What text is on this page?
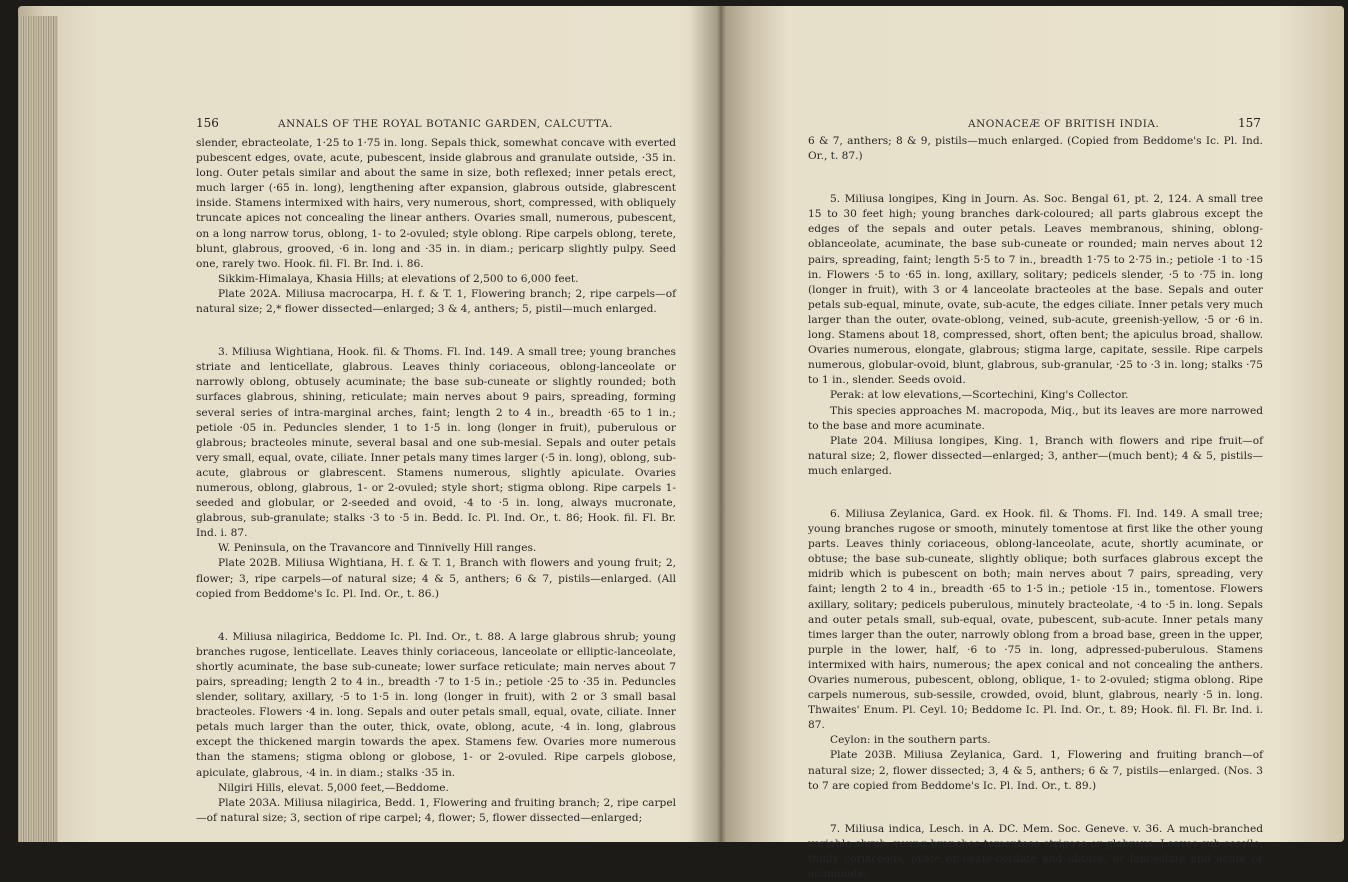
156	ANNALS OF THE ROYAL BOTANIC GARDEN, CALCUTTA.

slender, ebracteolate, 1·25 to 1·75 in. long. Sepals thick, somewhat concave with everted pubescent edges, ovate, acute, pubescent, inside glabrous and granulate outside, ·35 in. long. Outer petals similar and about the same in size, both reflexed; inner petals erect, much larger (·65 in. long), lengthening after expansion, glabrous outside, glabrescent inside. Stamens intermixed with hairs, very numerous, short, compressed, with obliquely truncate apices not concealing the linear anthers. Ovaries small, numerous, pubescent, on a long narrow torus, oblong, 1- to 2-ovuled; style oblong. Ripe carpels oblong, terete, blunt, glabrous, grooved, ·6 in. long and ·35 in. in diam.; pericarp slightly pulpy. Seed one, rarely two. Hook. fil. Fl. Br. Ind. i. 86.

Sikkim-Himalaya, Khasia Hills; at elevations of 2,500 to 6,000 feet.

Plate 202A. Miliusa macrocarpa, H. f. & T. 1, Flowering branch; 2, ripe carpels—of natural size; 2,* flower dissected—enlarged; 3 & 4, anthers; 5, pistil—much enlarged.

3. Miliusa Wightiana, Hook. fil. & Thoms. Fl. Ind. 149. A small tree; young branches striate and lenticellate, glabrous. Leaves thinly coriaceous, oblong-lanceolate or narrowly oblong, obtusely acuminate; the base sub-cuneate or slightly rounded; both surfaces glabrous, shining, reticulate; main nerves about 9 pairs, spreading, forming several series of intra-marginal arches, faint; length 2 to 4 in., breadth ·65 to 1 in.; petiole ·05 in. Peduncles slender, 1 to 1·5 in. long (longer in fruit), puberulous or glabrous; bracteoles minute, several basal and one sub-mesial. Sepals and outer petals very small, equal, ovate, ciliate. Inner petals many times larger (·5 in. long), oblong, sub-acute, glabrous or glabrescent. Stamens numerous, slightly apiculate. Ovaries numerous, oblong, glabrous, 1- or 2-ovuled; style short; stigma oblong. Ripe carpels 1-seeded and globular, or 2-seeded and ovoid, ·4 to ·5 in. long, always mucronate, glabrous, sub-granulate; stalks ·3 to ·5 in. Bedd. Ic. Pl. Ind. Or., t. 86; Hook. fil. Fl. Br. Ind. i. 87.

W. Peninsula, on the Travancore and Tinnivelly Hill ranges.

Plate 202B. Miliusa Wightiana, H. f. & T. 1, Branch with flowers and young fruit; 2, flower; 3, ripe carpels—of natural size; 4 & 5, anthers; 6 & 7, pistils—enlarged. (All copied from Beddome's Ic. Pl. Ind. Or., t. 86.)

4. Miliusa nilagirica, Beddome Ic. Pl. Ind. Or., t. 88. A large glabrous shrub; young branches rugose, lenticellate. Leaves thinly coriaceous, lanceolate or elliptic-lanceolate, shortly acuminate, the base sub-cuneate; lower surface reticulate; main nerves about 7 pairs, spreading; length 2 to 4 in., breadth ·7 to 1·5 in.; petiole ·25 to ·35 in. Peduncles slender, solitary, axillary, ·5 to 1·5 in. long (longer in fruit), with 2 or 3 small basal bracteoles. Flowers ·4 in. long. Sepals and outer petals small, equal, ovate, ciliate. Inner petals much larger than the outer, thick, ovate, oblong, acute, ·4 in. long, glabrous except the thickened margin towards the apex. Stamens few. Ovaries more numerous than the stamens; stigma oblong or globose, 1- or 2-ovuled. Ripe carpels globose, apiculate, glabrous, ·4 in. in diam.; stalks ·35 in.

Nilgiri Hills, elevat. 5,000 feet,—Beddome.

Plate 203A. Miliusa nilagirica, Bedd. 1, Flowering and fruiting branch; 2, ripe carpel—of natural size; 3, section of ripe carpel; 4, flower; 5, flower dissected—enlarged;

ANONACEÆ OF BRITISH INDIA.	157

6 & 7, anthers; 8 & 9, pistils—much enlarged. (Copied from Beddome's Ic. Pl. Ind. Or., t. 87.)

5. Miliusa longipes, King in Journ. As. Soc. Bengal 61, pt. 2, 124. A small tree 15 to 30 feet high; young branches dark-coloured; all parts glabrous except the edges of the sepals and outer petals. Leaves membranous, shining, oblong-oblanceolate, acuminate, the base sub-cuneate or rounded; main nerves about 12 pairs, spreading, faint; length 5·5 to 7 in., breadth 1·75 to 2·75 in.; petiole ·1 to ·15 in. Flowers ·5 to ·65 in. long, axillary, solitary; pedicels slender, ·5 to ·75 in. long (longer in fruit), with 3 or 4 lanceolate bracteoles at the base. Sepals and outer petals sub-equal, minute, ovate, sub-acute, the edges ciliate. Inner petals very much larger than the outer, ovate-oblong, veined, sub-acute, greenish-yellow, ·5 or ·6 in. long. Stamens about 18, compressed, short, often bent; the apiculus broad, shallow. Ovaries numerous, elongate, glabrous; stigma large, capitate, sessile. Ripe carpels numerous, globular-ovoid, blunt, glabrous, sub-granular, ·25 to ·3 in. long; stalks ·75 to 1 in., slender. Seeds ovoid.

Perak: at low elevations,—Scortechini, King's Collector.

This species approaches M. macropoda, Miq., but its leaves are more narrowed to the base and more acuminate.

Plate 204. Miliusa longipes, King. 1, Branch with flowers and ripe fruit—of natural size; 2, flower dissected—enlarged; 3, anther—(much bent); 4 & 5, pistils—much enlarged.

6. Miliusa Zeylanica, Gard. ex Hook. fil. & Thoms. Fl. Ind. 149. A small tree; young branches rugose or smooth, minutely tomentose at first like the other young parts. Leaves thinly coriaceous, oblong-lanceolate, acute, shortly acuminate, or obtuse; the base sub-cuneate, slightly oblique; both surfaces glabrous except the midrib which is pubescent on both; main nerves about 7 pairs, spreading, very faint; length 2 to 4 in., breadth ·65 to 1·5 in.; petiole ·15 in., tomentose. Flowers axillary, solitary; pedicels puberulous, minutely bracteolate, ·4 to ·5 in. long. Sepals and outer petals small, sub-equal, ovate, pubescent, sub-acute. Inner petals many times larger than the outer, narrowly oblong from a broad base, green in the upper, purple in the lower, half, ·6 to ·75 in. long, adpressed-puberulous. Stamens intermixed with hairs, numerous; the apex conical and not concealing the anthers. Ovaries numerous, pubescent, oblong, oblique, 1- to 2-ovuled; stigma oblong. Ripe carpels numerous, sub-sessile, crowded, ovoid, blunt, glabrous, nearly ·5 in. long. Thwaites' Enum. Pl. Ceyl. 10; Beddome Ic. Pl. Ind. Or., t. 89; Hook. fil. Fl. Br. Ind. i. 87.

Ceylon: in the southern parts.

Plate 203B. Miliusa Zeylanica, Gard. 1, Flowering and fruiting branch—of natural size; 2, flower dissected; 3, 4 & 5, anthers; 6 & 7, pistils—enlarged. (Nos. 3 to 7 are copied from Beddome's Ic. Pl. Ind. Or., t. 89.)

7. Miliusa indica, Lesch. in A. DC. Mem. Soc. Geneve. v. 36. A much-branched variable shrub; young branches tomentose strigose or glabrous. Leaves sub-sessile, thinly coriaceous, ovate or ovate-cordate and obtuse, or lanceolate and acute or acuminate;
